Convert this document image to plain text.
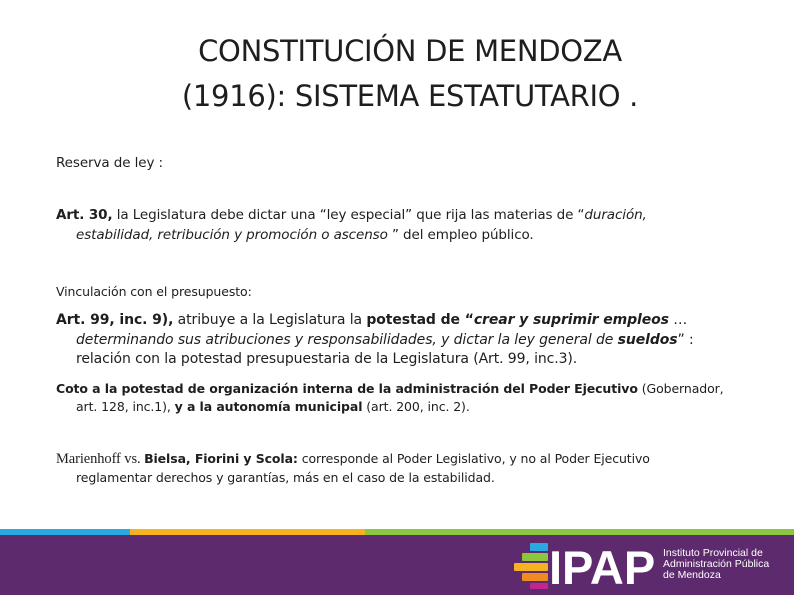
CONSTITUCIÓN DE MENDOZA
(1916): SISTEMA ESTATUTARIO .
Reserva de ley :
Art. 30, la Legislatura debe dictar una “ley especial” que rija las materias de “duración,
estabilidad, retribución y promoción o ascenso ” del empleo público.
Vinculación con el presupuesto:
Art. 99, inc. 9), atribuye a la Legislatura la potestad de “crear y suprimir empleos …
determinando sus atribuciones y responsabilidades, y dictar la ley general de sueldos” :
relación con la potestad presupuestaria de la Legislatura (Art. 99, inc.3).
Coto a la potestad de organización interna de la administración del Poder Ejecutivo (Gobernador,
art. 128, inc.1), y a la autonomía municipal (art. 200, inc. 2).
Marienhoff vs. Bielsa, Fiorini y Scola: corresponde al Poder Legislativo, y no al Poder Ejecutivo
reglamentar derechos y garantías, más en el caso de la estabilidad.
IPAP Instituto Provincial de
Administración Pública
de Mendoza
